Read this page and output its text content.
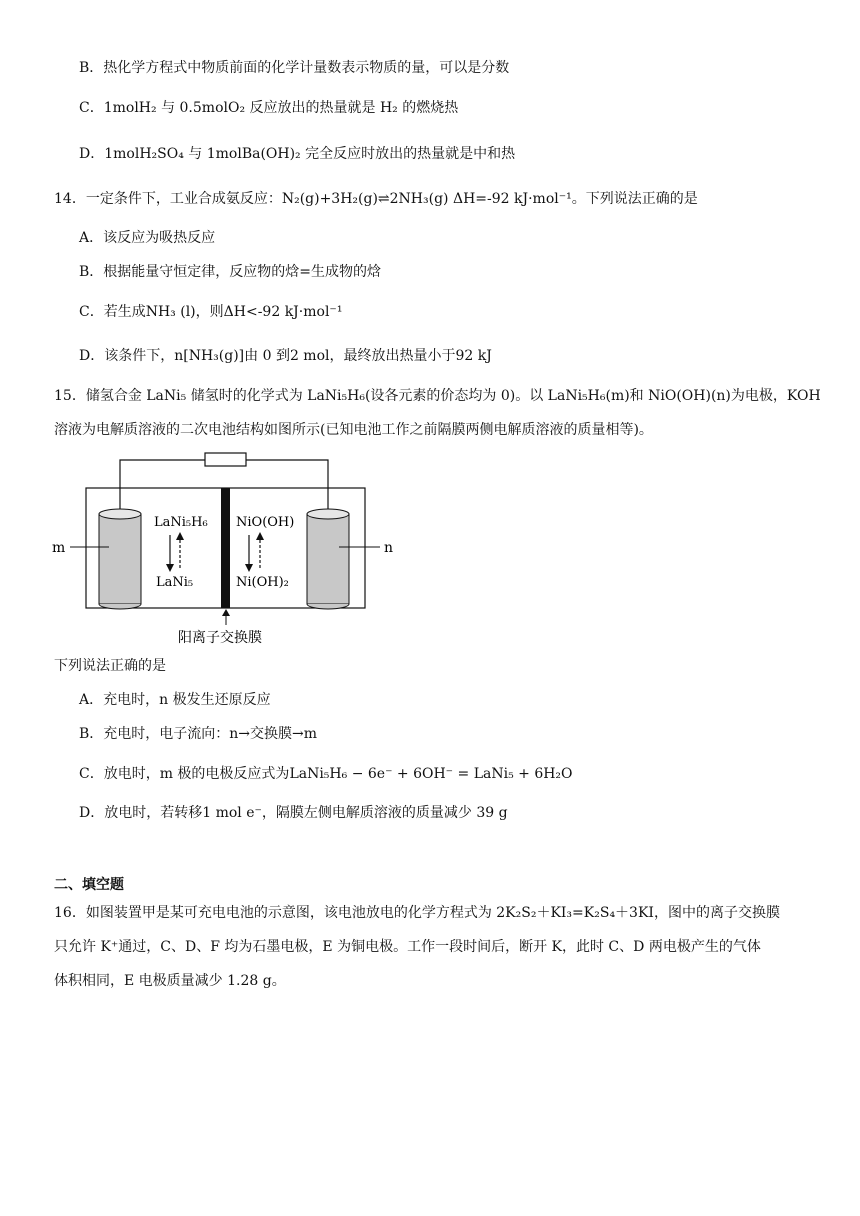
B．热化学方程式中物质前面的化学计量数表示物质的量，可以是分数
C．1molH₂ 与 0.5molO₂ 反应放出的热量就是 H₂ 的燃烧热
D．1molH₂SO₄ 与 1molBa(OH)₂ 完全反应时放出的热量就是中和热
14．一定条件下，工业合成氨反应：N₂(g)+3H₂(g)⇌2NH₃(g) ΔH=-92 kJ·mol⁻¹。下列说法正确的是
A．该反应为吸热反应
B．根据能量守恒定律，反应物的焓=生成物的焓
C．若生成NH₃ (l)，则ΔH<-92 kJ·mol⁻¹
D．该条件下，n[NH₃(g)]由 0 到2 mol，最终放出热量小于92 kJ
15．储氢合金 LaNi₅ 储氢时的化学式为 LaNi₅H₆(设各元素的价态均为 0)。以 LaNi₅H₆(m)和 NiO(OH)(n)为电极，KOH
溶液为电解质溶液的二次电池结构如图所示(已知电池工作之前隔膜两侧电解质溶液的质量相等)。
m	n
LaNi₅H₆
LaNi₅
NiO(OH)
Ni(OH)₂
阳离子交换膜
下列说法正确的是
A．充电时，n 极发生还原反应
B．充电时，电子流向：n→交换膜→m
C．放电时，m 极的电极反应式为LaNi₅H₆ − 6e⁻ + 6OH⁻ = LaNi₅ + 6H₂O
D．放电时，若转移1 mol e⁻，隔膜左侧电解质溶液的质量减少 39 g
二、填空题
16．如图装置甲是某可充电电池的示意图，该电池放电的化学方程式为 2K₂S₂＋KI₃=K₂S₄＋3KI，图中的离子交换膜
只允许 K⁺通过，C、D、F 均为石墨电极，E 为铜电极。工作一段时间后，断开 K，此时 C、D 两电极产生的气体
体积相同，E 电极质量减少 1.28 g。
